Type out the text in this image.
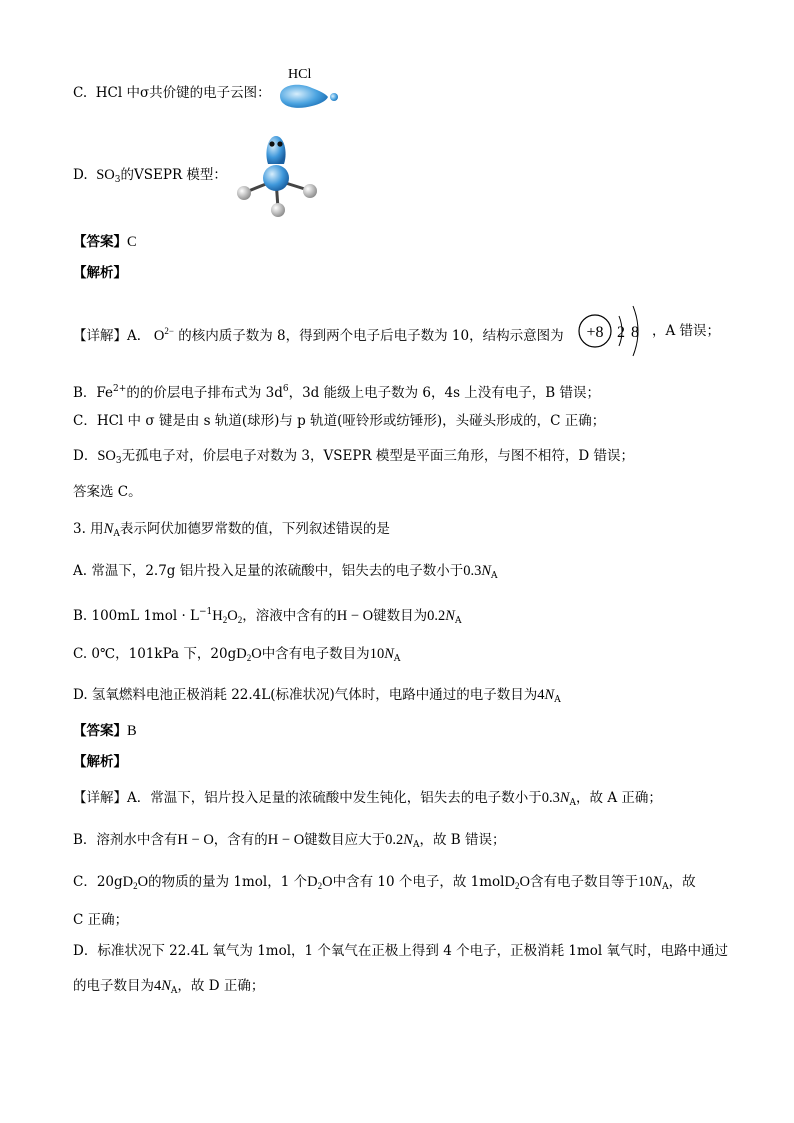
C. HCl 中σ共价键的电子云图：
HCl
D. $SO_3$的VSEPR 模型：
【答案】C
【解析】
【详解】A． $O^{2-}$ 的核内质子数为 8，得到两个电子后电子数为 10，结构示意图为 +8 2 8 ，A 错误；
B．$Fe^{2+}$的的价层电子排布式为 $3d^6$，3d 能级上电子数为 6，4s 上没有电子，B 错误；
C．HCl 中 σ 键是由 s 轨道(球形)与 p 轨道(哑铃形或纺锤形)，头碰头形成的，C 正确；
D．$SO_3$无孤电子对，价层电子对数为 3，VSEPR 模型是平面三角形，与图不相符，D 错误；
答案选 C。
3. 用$N_A$表示阿伏加德罗常数的值，下列叙述错误的是
A. 常温下，2.7g 铝片投入足量的浓硫酸中，铝失去的电子数小于$0.3N_A$
B. 100mL $1mol \cdot L^{-1}H_2O_2$，溶液中含有的H − O键数目为$0.2N_A$
C. 0℃，101kPa 下，$20gD_2O$中含有电子数目为$10N_A$
D. 氢氧燃料电池正极消耗 22.4L(标准状况)气体时，电路中通过的电子数目为$4N_A$
【答案】B
【解析】
【详解】A．常温下，铝片投入足量的浓硫酸中发生钝化，铝失去的电子数小于$0.3N_A$，故 A 正确；
B．溶剂水中含有H − O，含有的H − O键数目应大于$0.2N_A$，故 B 错误；
C．$20gD_2O$的物质的量为 1mol，1 个$D_2O$中含有 10 个电子，故 1molD$_2$O含有电子数目等于$10N_A$，故
C 正确；
D．标准状况下 22.4L 氧气为 1mol，1 个氧气在正极上得到 4 个电子，正极消耗 1mol 氧气时，电路中通过
的电子数目为$4N_A$，故 D 正确；
